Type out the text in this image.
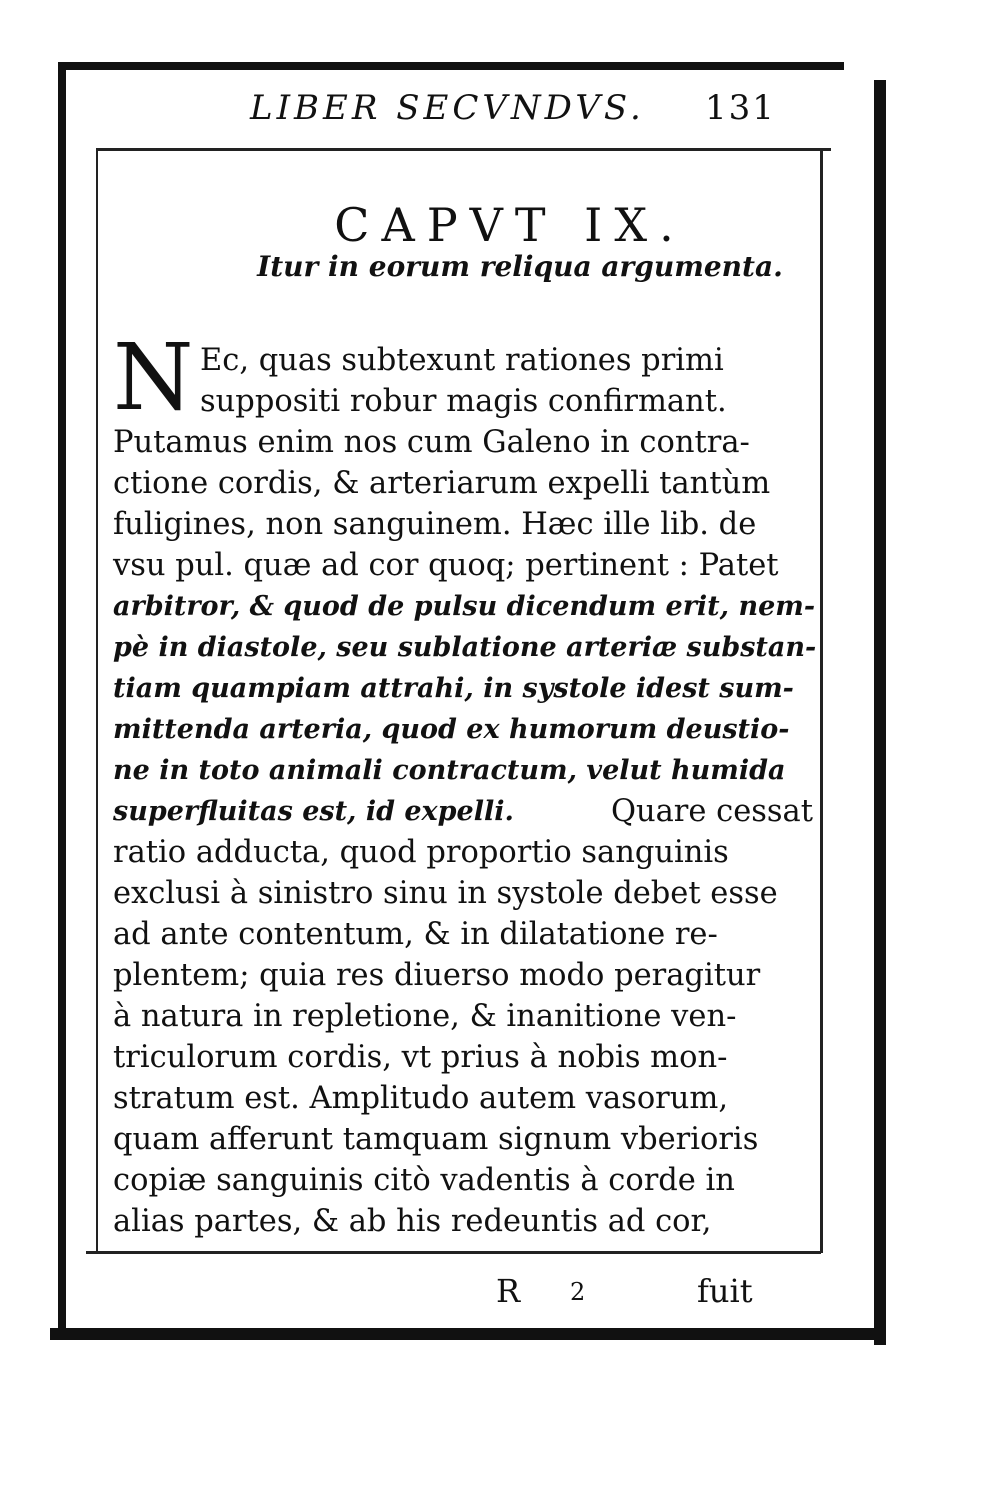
LIBER SECVNDVS. 131
CAPVT IX.
Itur in eorum reliqua argumenta.
N Ec, quas subtexunt rationes primi
suppositi robur magis confirmant.
Putamus enim nos cum Galeno in contra-
ctione cordis, & arteriarum expelli tantùm
fuligines, non sanguinem. Hæc ille lib. de
vsu pul. quæ ad cor quoq; pertinent : Patet
arbitror, & quod de pulsu dicendum erit, nem-
pè in diastole, seu sublatione arteriæ substan-
tiam quampiam attrahi, in systole idest sum-
mittenda arteria, quod ex humorum deustio-
ne in toto animali contractum, velut humida
superfluitas est, id expelli.	Quare cessat
ratio adducta, quod proportio sanguinis
exclusi à sinistro sinu in systole debet esse
ad ante contentum, & in dilatatione re-
plentem; quia res diuerso modo peragitur
à natura in repletione, & inanitione ven-
triculorum cordis, vt prius à nobis mon-
stratum est. Amplitudo autem vasorum,
quam afferunt tamquam signum vberioris
copiæ sanguinis citò vadentis à corde in
alias partes, & ab his redeuntis ad cor,
R 2	fuit
